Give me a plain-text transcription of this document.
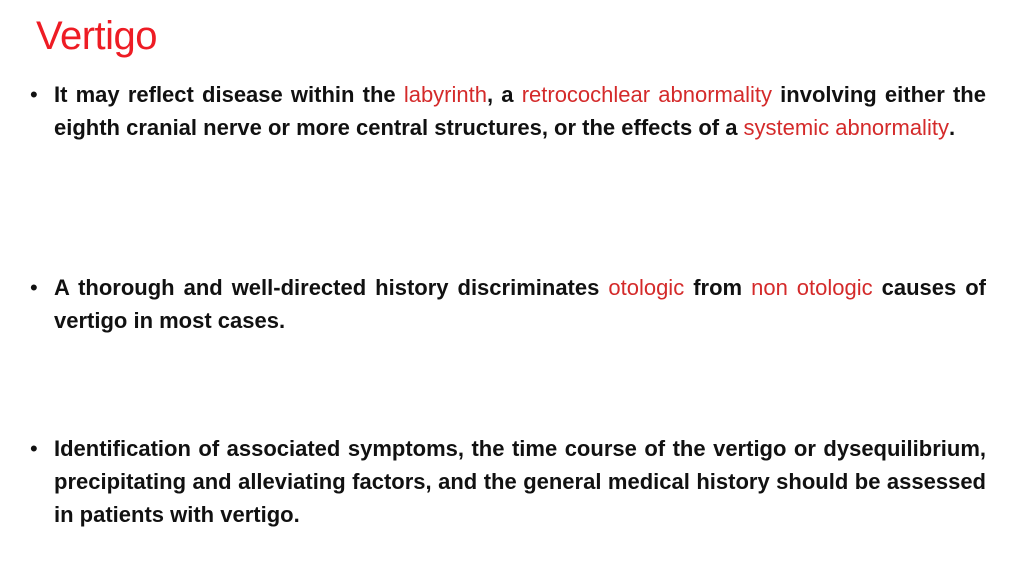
Vertigo
• It may reflect disease within the labyrinth, a retrocochlear abnormality involving either the eighth cranial nerve or more central structures, or the effects of a systemic abnormality.

• A thorough and well-directed history discriminates otologic from non otologic causes of vertigo in most cases.

• Identification of associated symptoms, the time course of the vertigo or dysequilibrium, precipitating and alleviating factors, and the general medical history should be assessed in patients with vertigo.
